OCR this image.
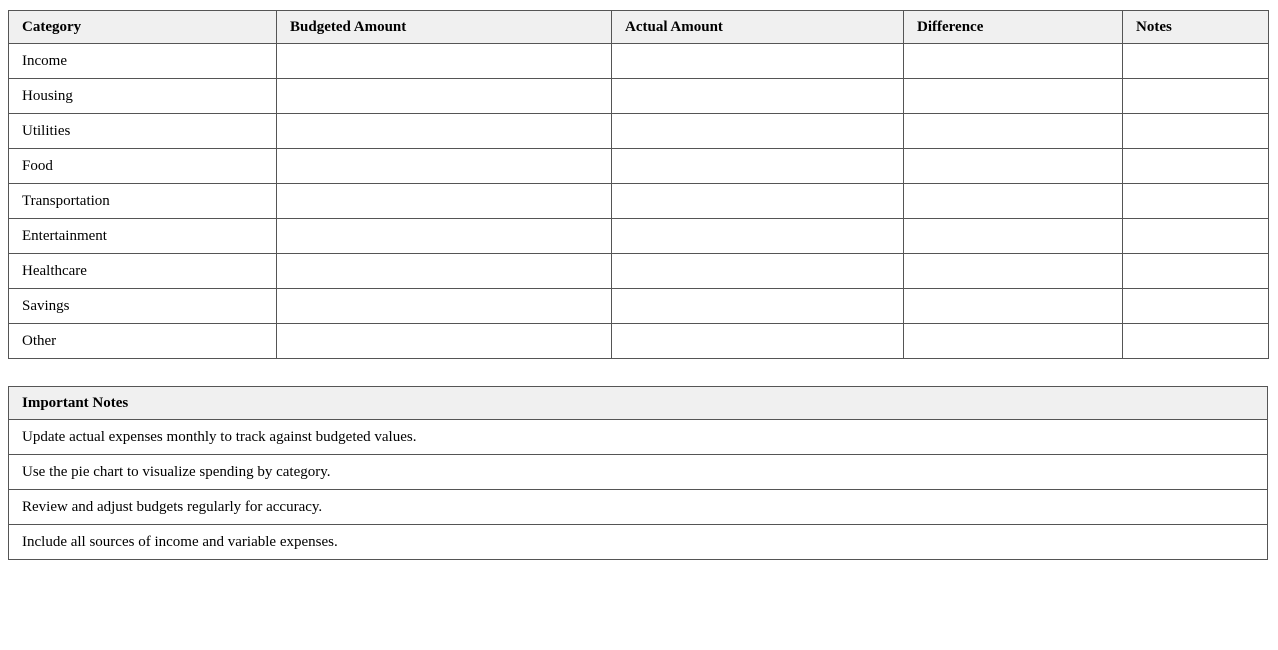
Category	Budgeted Amount	Actual Amount	Difference	Notes
Income				
Housing				
Utilities				
Food				
Transportation				
Entertainment				
Healthcare				
Savings				
Other				
Important Notes
Update actual expenses monthly to track against budgeted values.
Use the pie chart to visualize spending by category.
Review and adjust budgets regularly for accuracy.
Include all sources of income and variable expenses.
